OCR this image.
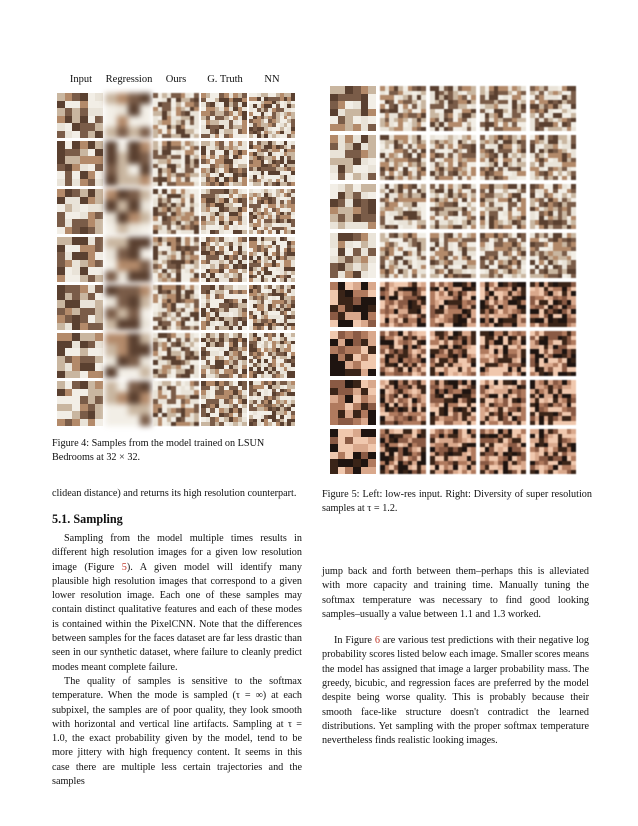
Input	Regression	Ours	G. Truth	NN
Figure 4: Samples from the model trained on LSUN Bedrooms at 32 × 32.
Figure 5: Left: low-res input. Right: Diversity of super resolution samples at τ = 1.2.
clidean distance) and returns its high resolution counterpart.
5.1. Sampling

Sampling from the model multiple times results in different high resolution images for a given low resolution image (Figure 5). A given model will identify many plausible high resolution images that correspond to a given lower resolution image. Each one of these samples may contain distinct qualitative features and each of these modes is contained within the PixelCNN. Note that the differences between samples for the faces dataset are far less drastic than seen in our synthetic dataset, where failure to cleanly predict modes meant complete failure.

The quality of samples is sensitive to the softmax temperature. When the mode is sampled (τ = ∞) at each subpixel, the samples are of poor quality, they look smooth with horizontal and vertical line artifacts. Sampling at τ = 1.0, the exact probability given by the model, tend to be more jittery with high frequency content. It seems in this case there are multiple less certain trajectories and the samples

jump back and forth between them–perhaps this is alleviated with more capacity and training time. Manually tuning the softmax temperature was necessary to find good looking samples–usually a value between 1.1 and 1.3 worked.

In Figure 6 are various test predictions with their negative log probability scores listed below each image. Smaller scores means the model has assigned that image a larger probability mass. The greedy, bicubic, and regression faces are preferred by the model despite being worse quality. This is probably because their smooth face-like structure doesn't contradict the learned distributions. Yet sampling with the proper softmax temperature nevertheless finds realistic looking images.
